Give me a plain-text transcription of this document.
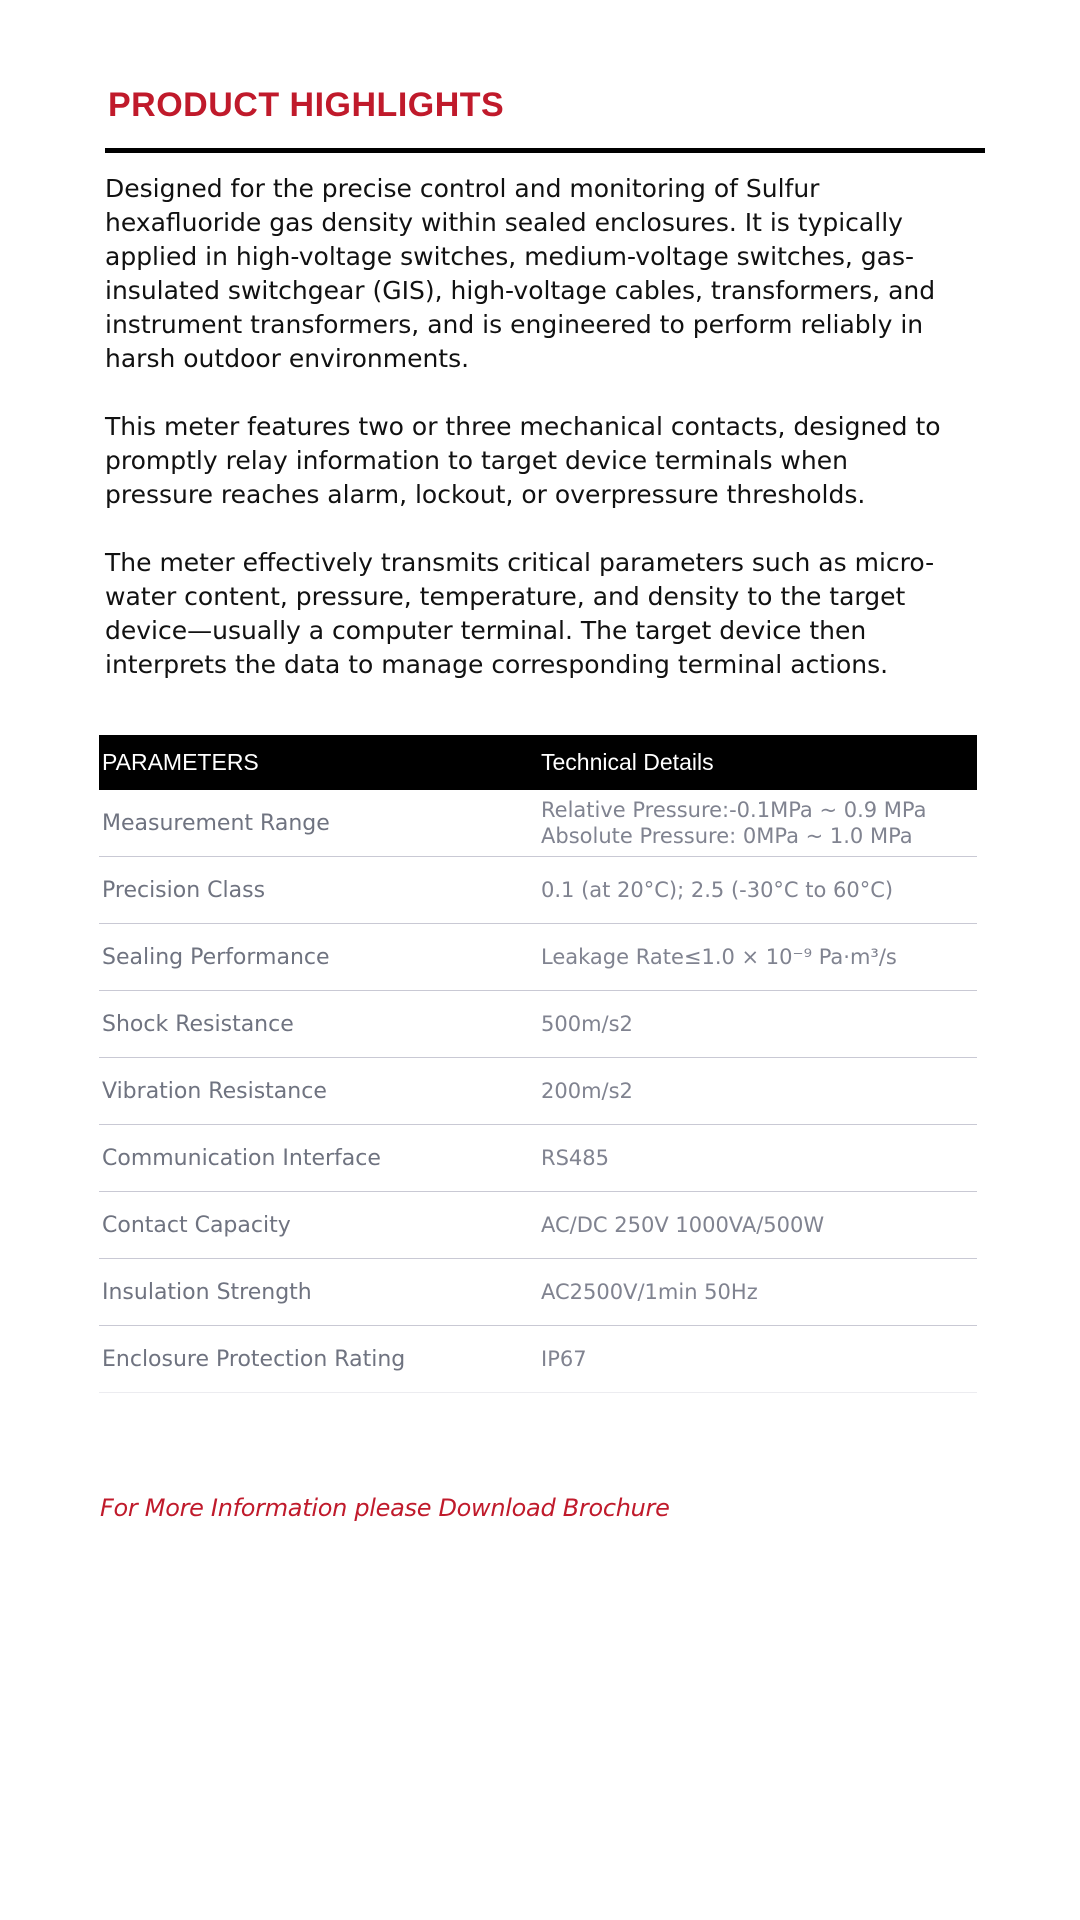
PRODUCT HIGHLIGHTS

Designed for the precise control and monitoring of Sulfur
hexafluoride gas density within sealed enclosures. It is typically
applied in high-voltage switches, medium-voltage switches, gas-
insulated switchgear (GIS), high-voltage cables, transformers, and
instrument transformers, and is engineered to perform reliably in
harsh outdoor environments.

This meter features two or three mechanical contacts, designed to
promptly relay information to target device terminals when
pressure reaches alarm, lockout, or overpressure thresholds.

The meter effectively transmits critical parameters such as micro-
water content, pressure, temperature, and density to the target
device—usually a computer terminal. The target device then
interprets the data to manage corresponding terminal actions.

PARAMETERS	Technical Details
Measurement Range	Relative Pressure:-0.1MPa ~ 0.9 MPa
Absolute Pressure: 0MPa ~ 1.0 MPa

Precision Class	0.1 (at 20°C); 2.5 (-30°C to 60°C)

Sealing Performance	Leakage Rate≤1.0 × 10⁻⁹ Pa·m³/s

Shock Resistance	500m/s2

Vibration Resistance	200m/s2

Communication Interface	RS485

Contact Capacity	AC/DC 250V 1000VA/500W

Insulation Strength	AC2500V/1min 50Hz

Enclosure Protection Rating	IP67
For More Information please Download Brochure
